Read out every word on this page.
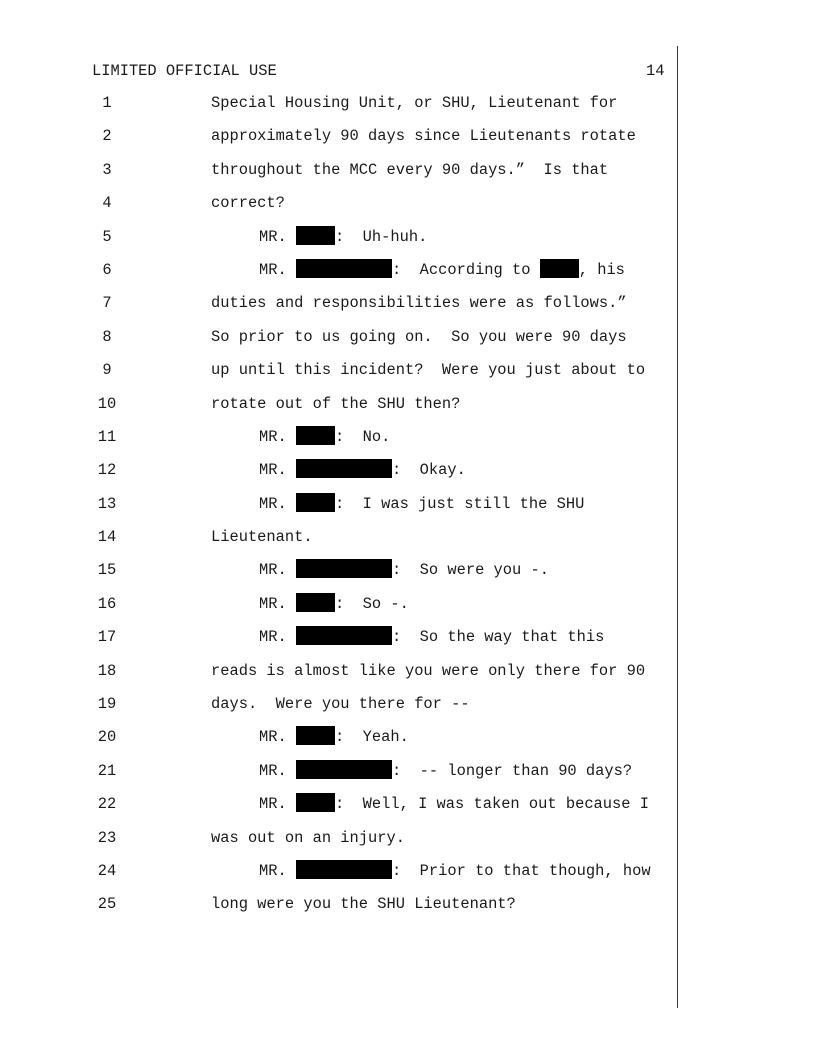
LIMITED OFFICIAL USE	14
1	Special Housing Unit, or SHU, Lieutenant for
2	approximately 90 days since Lieutenants rotate
3	throughout the MCC every 90 days.”  Is that
4	correct?
5	MR.	:  Uh-huh.
6	MR.	:  According to	, his
7	duties and responsibilities were as follows.”
8	So prior to us going on.  So you were 90 days
9	up until this incident?  Were you just about to
10	rotate out of the SHU then?
11	MR.	:  No.
12	MR.	:  Okay.
13	MR.	:  I was just still the SHU
14	Lieutenant.
15	MR.	:  So were you -.
16	MR.	:  So -.
17	MR.	:  So the way that this
18	reads is almost like you were only there for 90
19	days.  Were you there for --
20	MR.	:  Yeah.
21	MR.	:  -- longer than 90 days?
22	MR.	:  Well, I was taken out because I
23	was out on an injury.
24	MR.	:  Prior to that though, how
25	long were you the SHU Lieutenant?
